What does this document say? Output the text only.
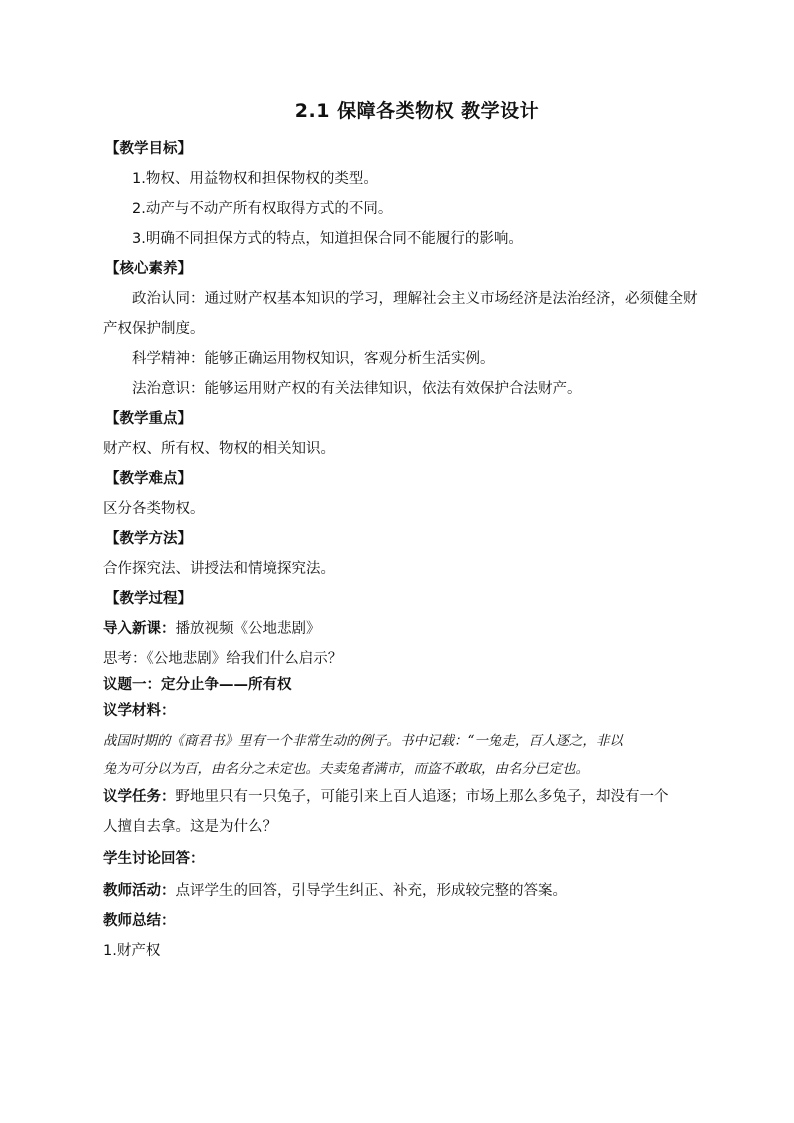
2.1 保障各类物权 教学设计
【教学目标】
1.物权、用益物权和担保物权的类型。
2.动产与不动产所有权取得方式的不同。
3.明确不同担保方式的特点，知道担保合同不能履行的影响。
【核心素养】
政治认同：通过财产权基本知识的学习，理解社会主义市场经济是法治经济，必须健全财
产权保护制度。
科学精神：能够正确运用物权知识，客观分析生活实例。
法治意识：能够运用财产权的有关法律知识，依法有效保护合法财产。
【教学重点】
财产权、所有权、物权的相关知识。
【教学难点】
区分各类物权。
【教学方法】
合作探究法、讲授法和情境探究法。
【教学过程】
导入新课：播放视频《公地悲剧》
思考：《公地悲剧》给我们什么启示？
议题一：定分止争——所有权
议学材料：
战国时期的《商君书》里有一个非常生动的例子。书中记载：“一兔走，百人逐之，非以
兔为可分以为百，由名分之未定也。夫卖兔者满市，而盗不敢取，由名分已定也。
议学任务：野地里只有一只兔子，可能引来上百人追逐；市场上那么多兔子，却没有一个
人擅自去拿。这是为什么？
学生讨论回答：
教师活动：点评学生的回答，引导学生纠正、补充，形成较完整的答案。
教师总结：
1.财产权
